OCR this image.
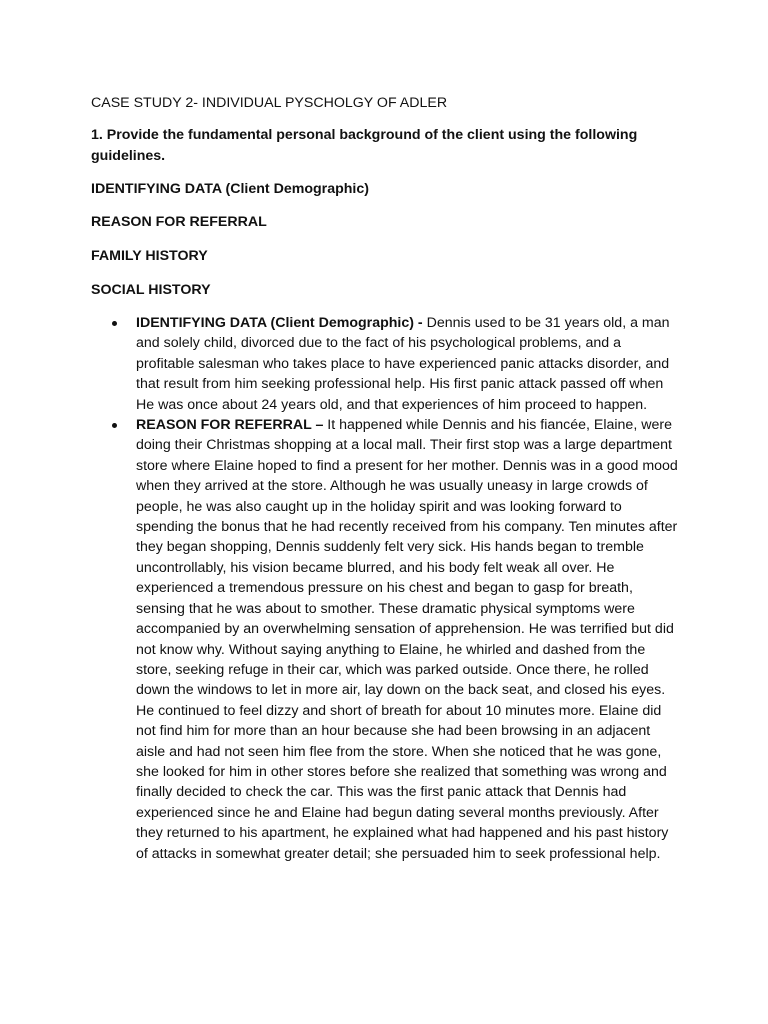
CASE STUDY 2- INDIVIDUAL PYSCHOLGY OF ADLER
1. Provide the fundamental personal background of the client using the following guidelines.
IDENTIFYING DATA (Client Demographic)
REASON FOR REFERRAL
FAMILY HISTORY
SOCIAL HISTORY
IDENTIFYING DATA (Client Demographic) - Dennis used to be 31 years old, a man and solely child, divorced due to the fact of his psychological problems, and a profitable salesman who takes place to have experienced panic attacks disorder, and that result from him seeking professional help. His first panic attack passed off when He was once about 24 years old, and that experiences of him proceed to happen.
REASON FOR REFERRAL – It happened while Dennis and his fiancée, Elaine, were doing their Christmas shopping at a local mall. Their first stop was a large department store where Elaine hoped to find a present for her mother. Dennis was in a good mood when they arrived at the store. Although he was usually uneasy in large crowds of people, he was also caught up in the holiday spirit and was looking forward to spending the bonus that he had recently received from his company. Ten minutes after they began shopping, Dennis suddenly felt very sick. His hands began to tremble uncontrollably, his vision became blurred, and his body felt weak all over. He experienced a tremendous pressure on his chest and began to gasp for breath, sensing that he was about to smother. These dramatic physical symptoms were accompanied by an overwhelming sensation of apprehension. He was terrified but did not know why. Without saying anything to Elaine, he whirled and dashed from the store, seeking refuge in their car, which was parked outside. Once there, he rolled down the windows to let in more air, lay down on the back seat, and closed his eyes. He continued to feel dizzy and short of breath for about 10 minutes more. Elaine did not find him for more than an hour because she had been browsing in an adjacent aisle and had not seen him flee from the store. When she noticed that he was gone, she looked for him in other stores before she realized that something was wrong and finally decided to check the car. This was the first panic attack that Dennis had experienced since he and Elaine had begun dating several months previously. After they returned to his apartment, he explained what had happened and his past history of attacks in somewhat greater detail; she persuaded him to seek professional help.
